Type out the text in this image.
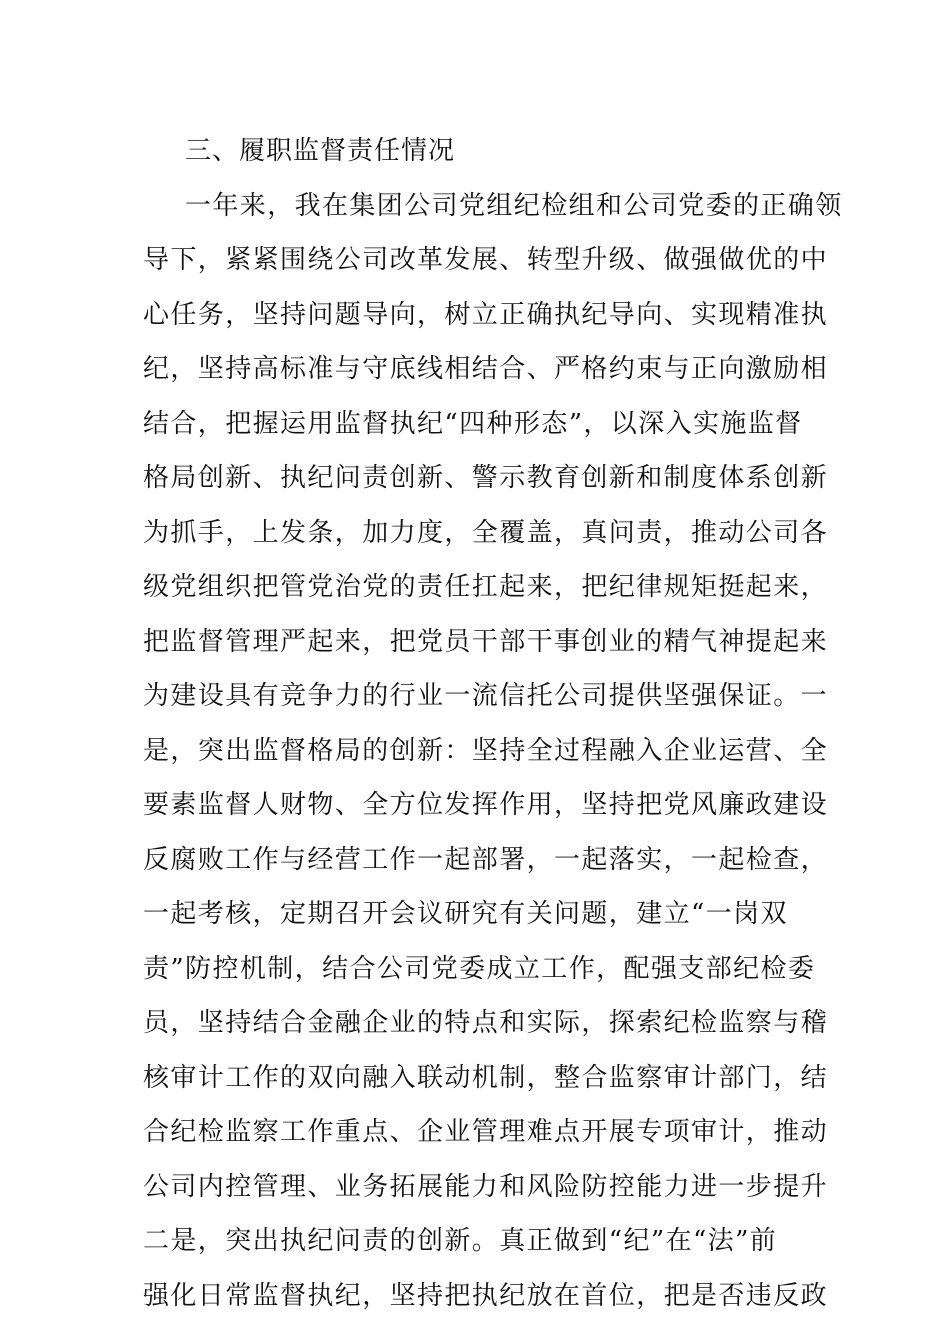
三、履职监督责任情况
一年来，我在集团公司党组纪检组和公司党委的正确领
导下，紧紧围绕公司改革发展、转型升级、做强做优的中
心任务，坚持问题导向，树立正确执纪导向、实现精准执
纪，坚持高标准与守底线相结合、严格约束与正向激励相
结合，把握运用监督执纪“四种形态”，以深入实施监督
格局创新、执纪问责创新、警示教育创新和制度体系创新
为抓手，上发条，加力度，全覆盖，真问责，推动公司各
级党组织把管党治党的责任扛起来，把纪律规矩挺起来，
把监督管理严起来，把党员干部干事创业的精气神提起来
为建设具有竞争力的行业一流信托公司提供坚强保证。一
是，突出监督格局的创新：坚持全过程融入企业运营、全
要素监督人财物、全方位发挥作用，坚持把党风廉政建设
反腐败工作与经营工作一起部署，一起落实，一起检查，
一起考核，定期召开会议研究有关问题，建立“一岗双
责”防控机制，结合公司党委成立工作，配强支部纪检委
员，坚持结合金融企业的特点和实际，探索纪检监察与稽
核审计工作的双向融入联动机制，整合监察审计部门，结
合纪检监察工作重点、企业管理难点开展专项审计，推动
公司内控管理、业务拓展能力和风险防控能力进一步提升
二是，突出执纪问责的创新。真正做到“纪”在“法”前
强化日常监督执纪，坚持把执纪放在首位，把是否违反政
